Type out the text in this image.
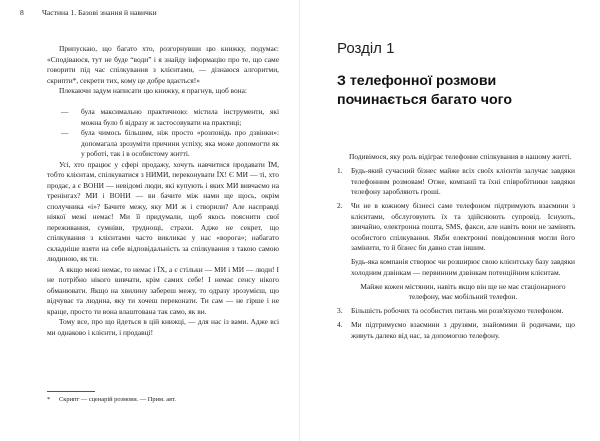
8 Частина 1. Базові знання й навички

Припускаю, що багато хто, розгорнувши цю книжку, подумає: «Сподіваюся, тут не буде “води” і я знайду інформацію про те, що саме говорити під час спілкування з клієнтами, — дізнаюся алгоритми, скрипти*, секрети тих, кому це добре вдається!»

Плекаючи задум написати цю книжку, я прагнув, щоб вона:

— була максимально практичною: містила інструменти, які можна було б відразу ж застосовувати на практиці;
— була чимось більшим, ніж просто «розповідь про дзвінки»: допомагала зрозуміти причини успіху, яка може допомогти як у роботі, так і в особистому житті.

Усі, хто працює у сфері продажу, хочуть навчитися продавати ЇМ, тобто клієнтам, спілкуватися з НИМИ, переконувати ЇХ! Є МИ — ті, хто продає, а є ВОНИ — невідомі люди, які купують і яких МИ вивчаємо на тренінгах? МИ і ВОНИ — ви бачите між нами ще щось, окрім сполучника «і»? Бачите межу, яку МИ ж і створили? Але насправді ніякої межі немає! Ми її придумали, щоб якось пояснити свої переживання, сумніви, труднощі, страхи. Адже не секрет, що спілкування з клієнтами часто викликає у нас «ворога»; набагато складніше взяти на себе відповідальність за спілкування з такою самою людиною, як ти.

А якщо межі немає, то немає і ЇХ, а є стільки — МИ і МИ — люди! І не потрібно нікого вивчати, крім самих себе! І немає сенсу нікого обманювати. Якщо на хвилину забереш межу, то одразу зрозумієш, що відчуває та людина, яку ти хочеш переконати. Ти сам — не гірше і не краще, просто ти вона влаштована так само, як ви.

Тому все, про що йдеться в цій книжці, — для нас із вами. Адже всі ми однаково і клієнти, і продавці!

* Скрипт — сценарій розмови. — Прим. авт.
Розділ 1
З телефонної розмови починається багато чого

Подивімося, яку роль відіграє телефонне спілкування в нашому житті.

1. Будь-який сучасний бізнес майже всіх своїх клієнтів залучає завдяки телефонним розмовам! Отже, компанії та їхні співробітники завдяки телефону заробляють гроші.
2. Чи не в кожному бізнесі саме телефоном підтримують взаємини з клієнтами, обслуговують їх та здійснюють супровід. Існують, звичайно, електронна пошта, SMS, факси, але навіть вони не замінять особистого спілкування. Якби електронні повідомлення могли його замінити, то й бізнес би давно став іншим.

Будь-яка компанія створює чи розширює свою клієнтську базу завдяки холодним дзвінкам — первинним дзвінкам потенційним клієнтам.

Майже кожен містянин, навіть якщо він ще не має стаціонарного телефону, має мобільний телефон.

3. Більшість робочих та особистих питань ми розв'язуємо телефоном.
4. Ми підтримуємо взаємини з друзями, знайомими й родичами, що живуть далеко від нас, за допомогою телефону.
